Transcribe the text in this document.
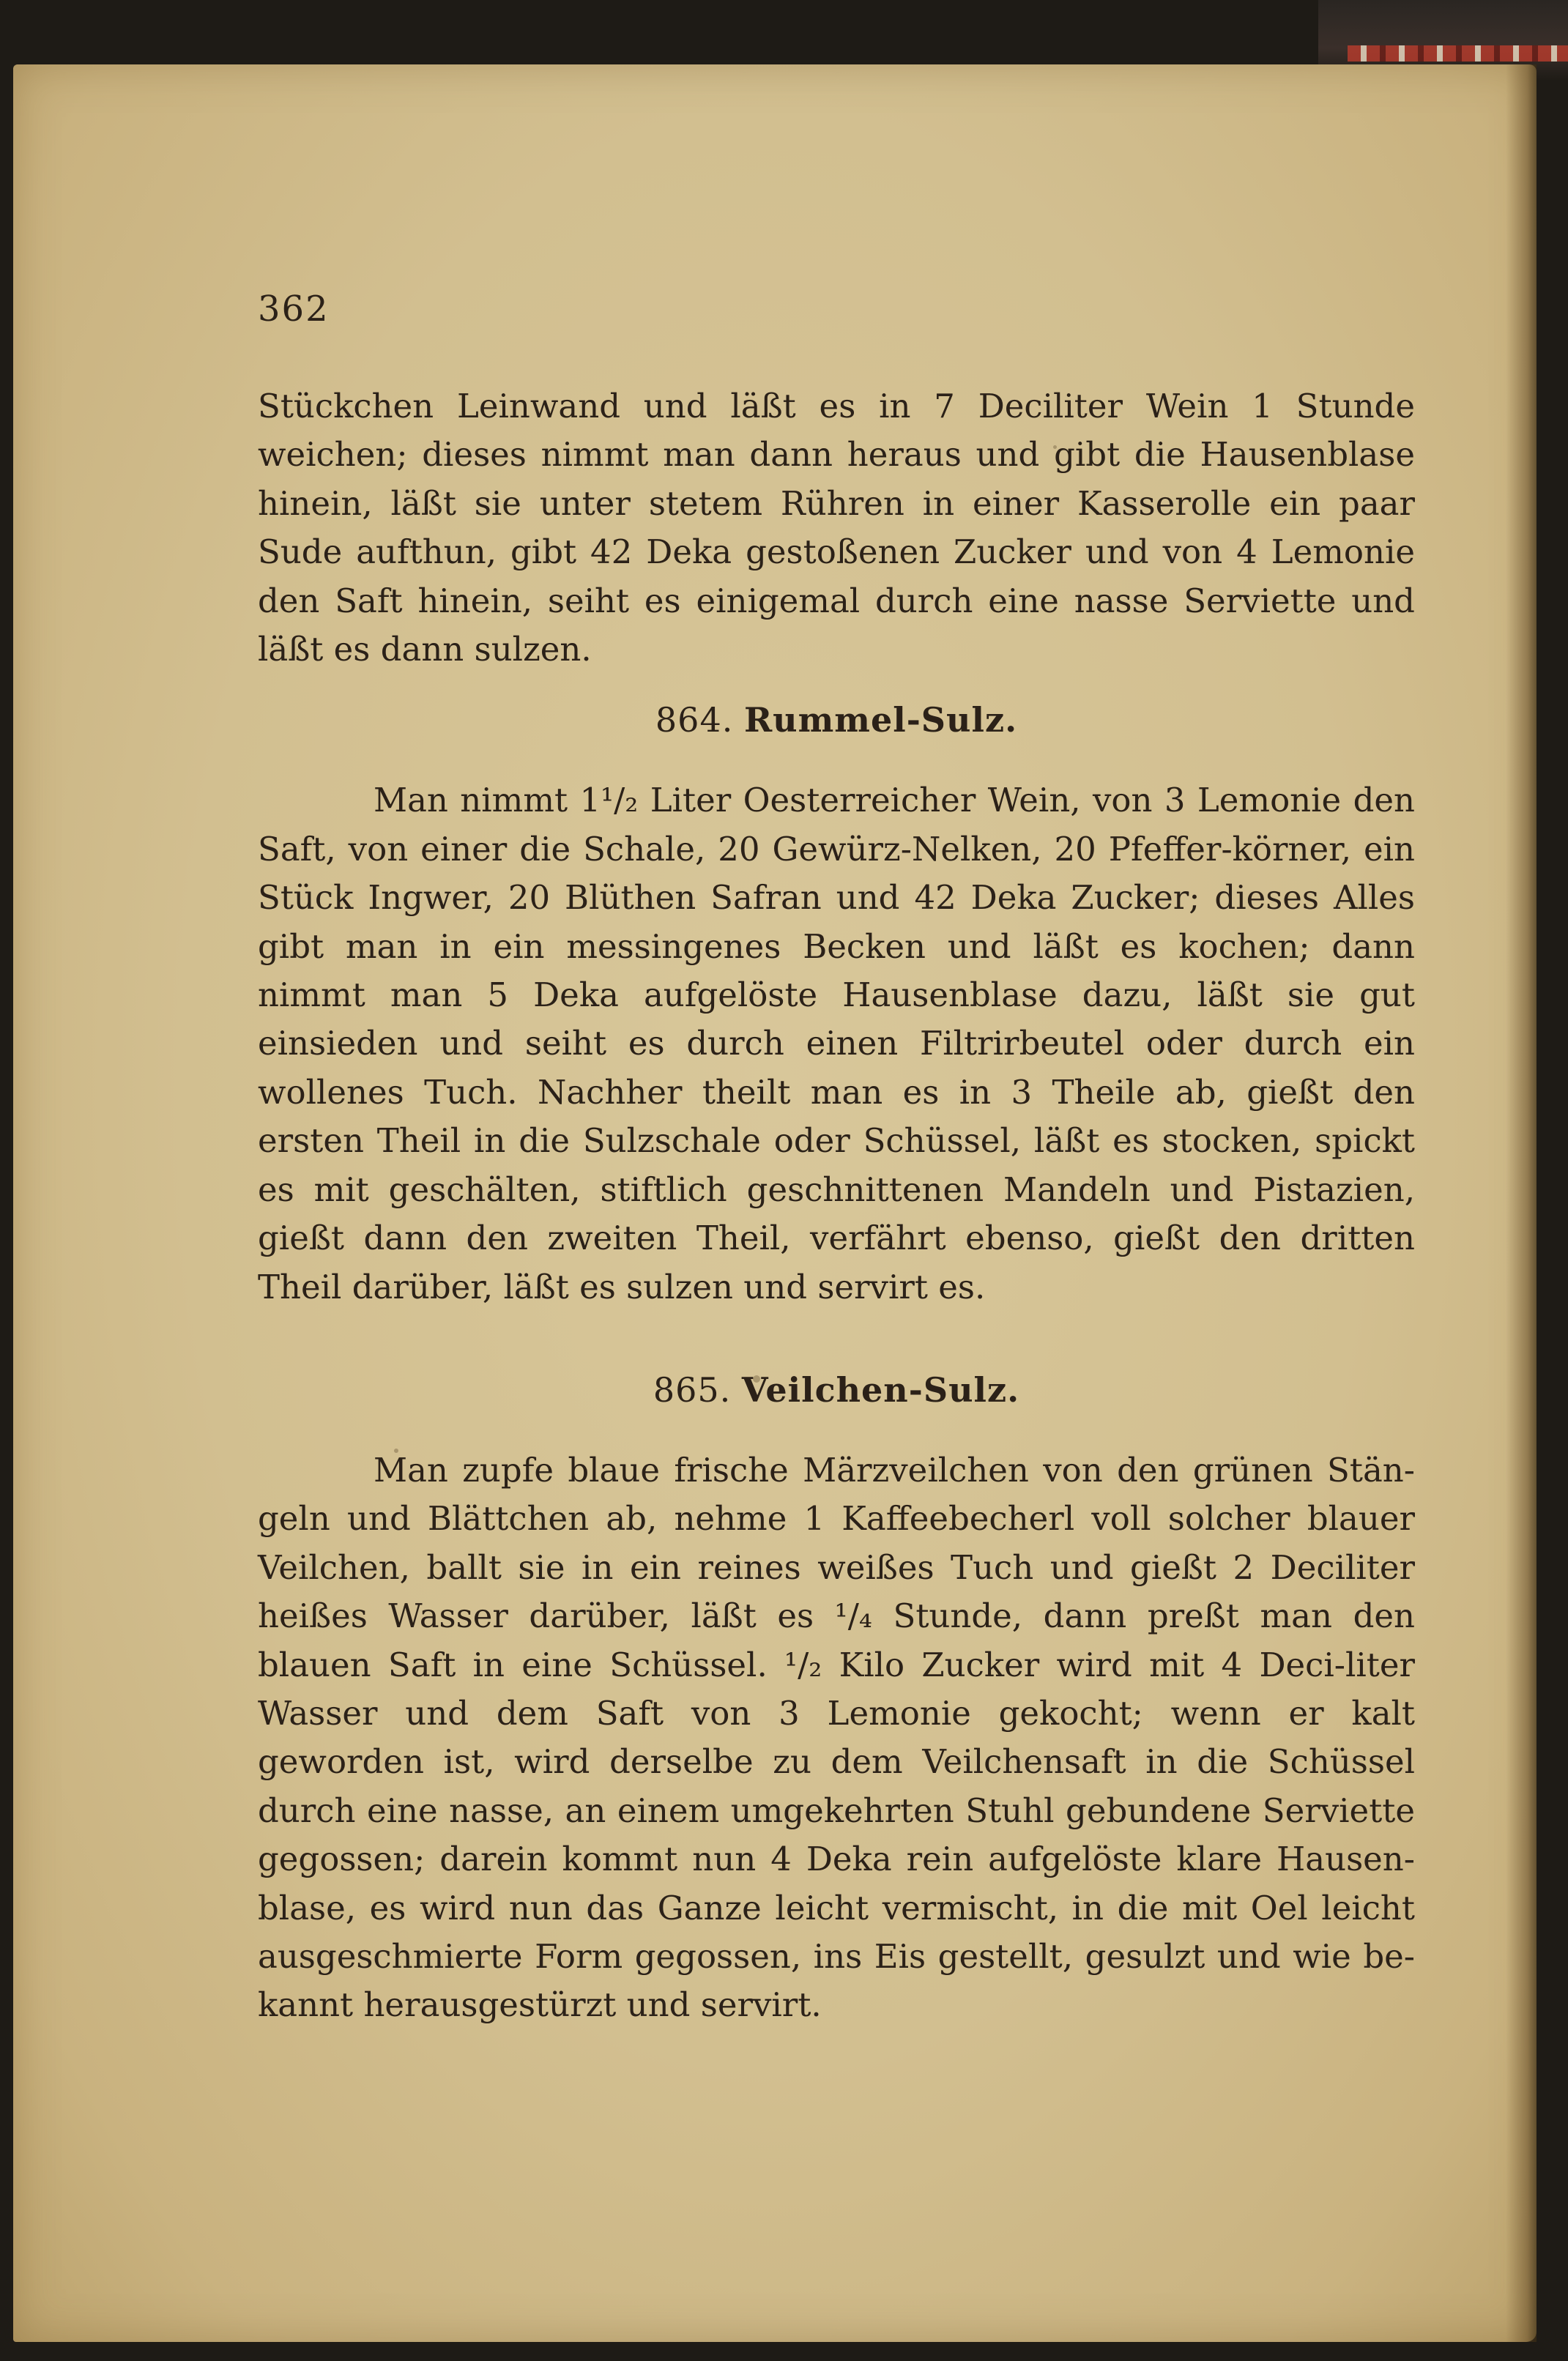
362

Stückchen Leinwand und läßt es in 7 Deciliter Wein 1 Stunde weichen; dieses nimmt man dann heraus und gibt die Hausenblase hinein, läßt sie unter stetem Rühren in einer Kasserolle ein paar Sude aufthun, gibt 42 Deka gestoßenen Zucker und von 4 Lemonie den Saft hinein, seiht es einigemal durch eine nasse Serviette und läßt es dann sulzen.

864. Rummel-Sulz.

Man nimmt 1¹/₂ Liter Oesterreicher Wein, von 3 Lemonie den Saft, von einer die Schale, 20 Gewürz-Nelken, 20 Pfeffer-körner, ein Stück Ingwer, 20 Blüthen Safran und 42 Deka Zucker; dieses Alles gibt man in ein messingenes Becken und läßt es kochen; dann nimmt man 5 Deka aufgelöste Hausenblase dazu, läßt sie gut einsieden und seiht es durch einen Filtrirbeutel oder durch ein wollenes Tuch. Nachher theilt man es in 3 Theile ab, gießt den ersten Theil in die Sulzschale oder Schüssel, läßt es stocken, spickt es mit geschälten, stiftlich geschnittenen Mandeln und Pistazien, gießt dann den zweiten Theil, verfährt ebenso, gießt den dritten Theil darüber, läßt es sulzen und servirt es.

865. Veilchen-Sulz.

Man zupfe blaue frische Märzveilchen von den grünen Stän-geln und Blättchen ab, nehme 1 Kaffeebecherl voll solcher blauer Veilchen, ballt sie in ein reines weißes Tuch und gießt 2 Deciliter heißes Wasser darüber, läßt es ¹/₄ Stunde, dann preßt man den blauen Saft in eine Schüssel. ¹/₂ Kilo Zucker wird mit 4 Deci-liter Wasser und dem Saft von 3 Lemonie gekocht; wenn er kalt geworden ist, wird derselbe zu dem Veilchensaft in die Schüssel durch eine nasse, an einem umgekehrten Stuhl gebundene Serviette gegossen; darein kommt nun 4 Deka rein aufgelöste klare Hausen-blase, es wird nun das Ganze leicht vermischt, in die mit Oel leicht ausgeschmierte Form gegossen, ins Eis gestellt, gesulzt und wie be-kannt herausgestürzt und servirt.
